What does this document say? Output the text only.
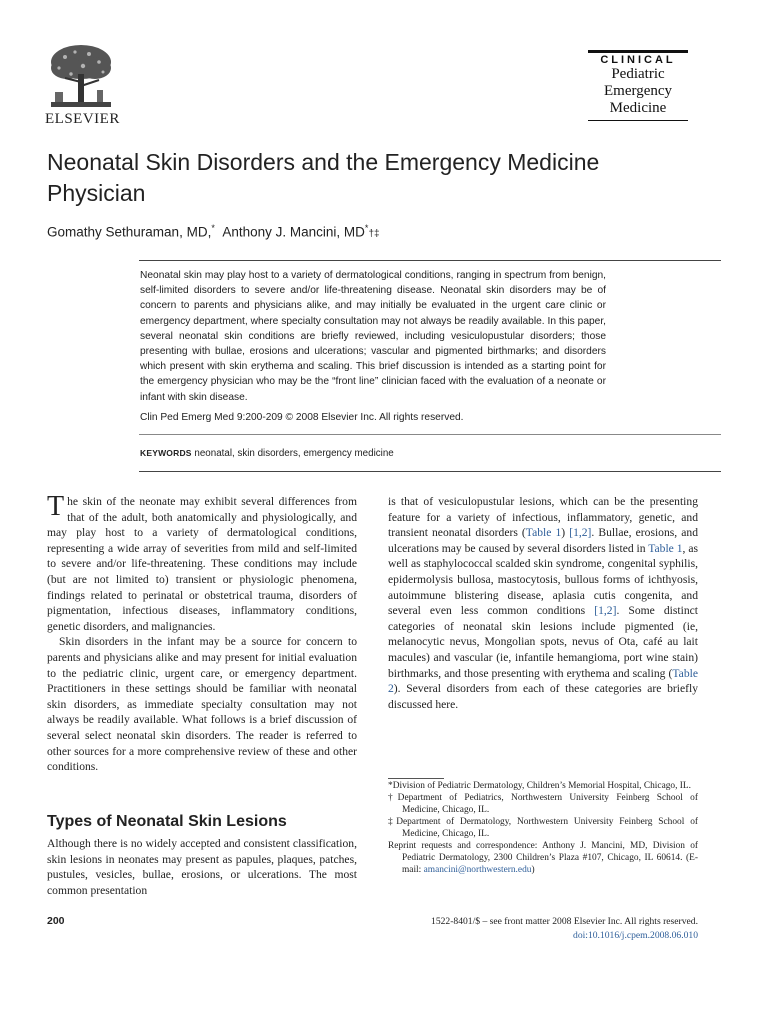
ELSEVIER
CLINICAL
Pediatric
Emergency
Medicine
Neonatal Skin Disorders and the Emergency Medicine Physician
Gomathy Sethuraman, MD,* Anthony J. Mancini, MD*†‡
Neonatal skin may play host to a variety of dermatological conditions, ranging in spectrum from benign, self-limited disorders to severe and/or life-threatening disease. Neonatal skin disorders may be of concern to parents and physicians alike, and may initially be evaluated in the urgent care clinic or emergency department, where specialty consultation may not always be readily available. In this paper, several neonatal skin conditions are briefly reviewed, including vesiculopustular disorders; those presenting with bullae, erosions and ulcerations; vascular and pigmented birthmarks; and disorders which present with skin erythema and scaling. This brief discussion is intended as a starting point for the emergency physician who may be the “front line” clinician faced with the evaluation of a neonate or infant with skin disease.
Clin Ped Emerg Med 9:200-209 © 2008 Elsevier Inc. All rights reserved.
KEYWORDS neonatal, skin disorders, emergency medicine

The skin of the neonate may exhibit several differences from that of the adult, both anatomically and physiologically, and may play host to a variety of dermatological conditions, representing a wide array of severities from mild and self-limited to severe and/or life-threatening. These conditions may include (but are not limited to) transient or physiologic phenomena, findings related to perinatal or obstetrical trauma, disorders of pigmentation, infectious diseases, inflammatory conditions, genetic disorders, and malignancies.

Skin disorders in the infant may be a source for concern to parents and physicians alike and may present for initial evaluation to the pediatric clinic, urgent care, or emergency department. Practitioners in these settings should be familiar with neonatal skin disorders, as immediate specialty consultation may not always be readily available. What follows is a brief discussion of several select neonatal skin disorders. The reader is referred to other sources for a more comprehensive review of these and other conditions.

Types of Neonatal Skin Lesions

Although there is no widely accepted and consistent classification, skin lesions in neonates may present as papules, plaques, patches, pustules, vesicles, bullae, erosions, or ulcerations. The most common presentation

is that of vesiculopustular lesions, which can be the presenting feature for a variety of infectious, inflammatory, genetic, and transient neonatal disorders (Table 1) [1,2]. Bullae, erosions, and ulcerations may be caused by several disorders listed in Table 1, as well as staphylococcal scalded skin syndrome, congenital syphilis, epidermolysis bullosa, mastocytosis, bullous forms of ichthyosis, autoimmune blistering disease, aplasia cutis congenita, and several even less common conditions [1,2]. Some distinct categories of neonatal skin lesions include pigmented (ie, melanocytic nevus, Mongolian spots, nevus of Ota, café au lait macules) and vascular (ie, infantile hemangioma, port wine stain) birthmarks, and those presenting with erythema and scaling (Table 2). Several disorders from each of these categories are briefly discussed here.

*Division of Pediatric Dermatology, Children’s Memorial Hospital, Chicago, IL.

†Department of Pediatrics, Northwestern University Feinberg School of Medicine, Chicago, IL.

‡Department of Dermatology, Northwestern University Feinberg School of Medicine, Chicago, IL.

Reprint requests and correspondence: Anthony J. Mancini, MD, Division of Pediatric Dermatology, 2300 Children’s Plaza #107, Chicago, IL 60614. (E-mail: amancini@northwestern.edu)

200	1522-8401/$ – see front matter 2008 Elsevier Inc. All rights reserved.
doi:10.1016/j.cpem.2008.06.010
